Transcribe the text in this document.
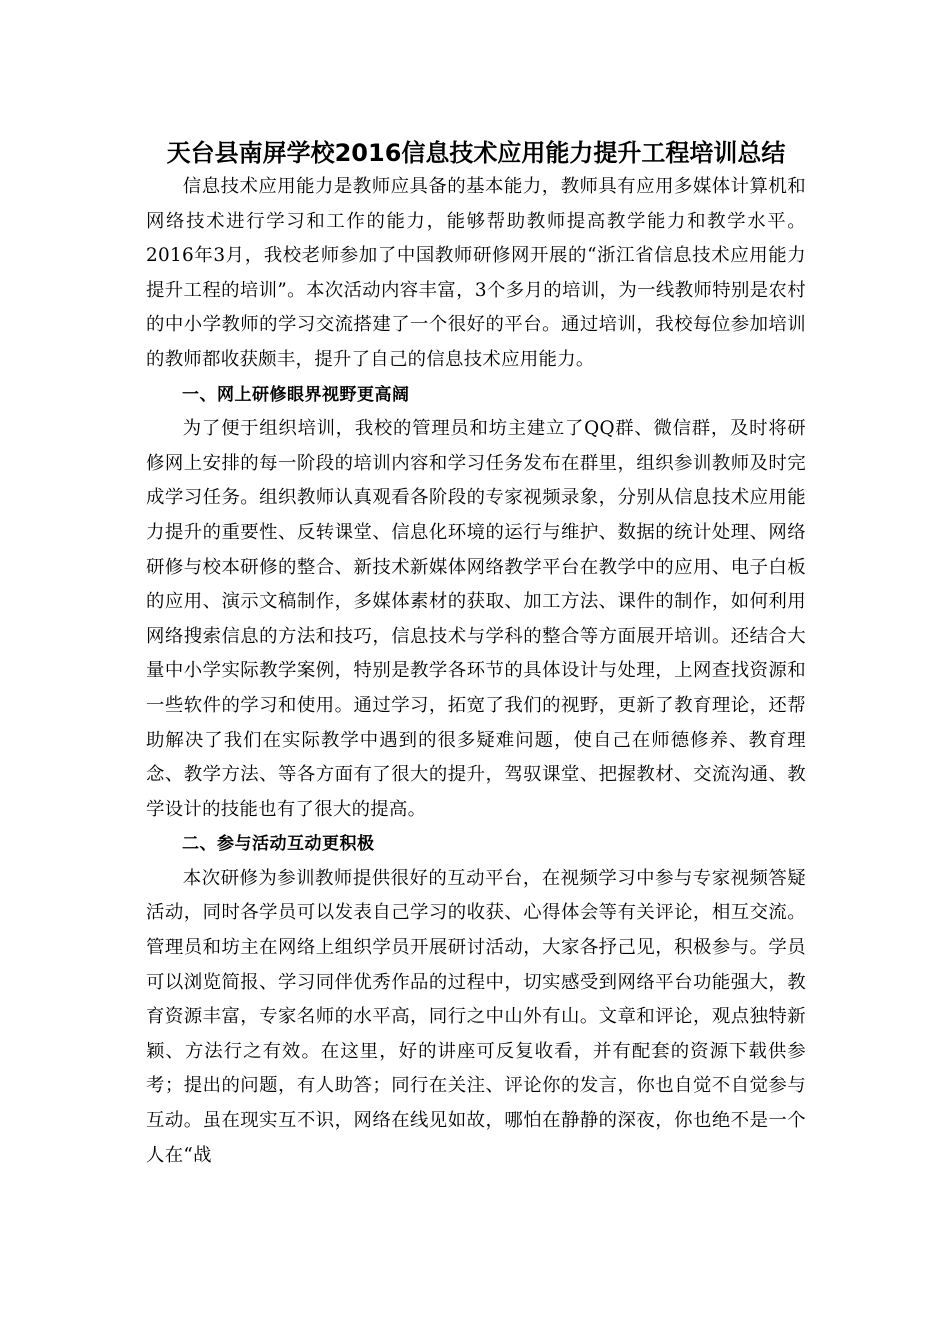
天台县南屏学校2016信息技术应用能力提升工程培训总结

信息技术应用能力是教师应具备的基本能力，教师具有应用多媒体计算机和网络技术进行学习和工作的能力，能够帮助教师提高教学能力和教学水平。2016年3月，我校老师参加了中国教师研修网开展的“浙江省信息技术应用能力提升工程的培训”。本次活动内容丰富，3个多月的培训，为一线教师特别是农村的中小学教师的学习交流搭建了一个很好的平台。通过培训，我校每位参加培训的教师都收获颇丰，提升了自己的信息技术应用能力。

一、网上研修眼界视野更高阔

为了便于组织培训，我校的管理员和坊主建立了QQ群、微信群，及时将研修网上安排的每一阶段的培训内容和学习任务发布在群里，组织参训教师及时完成学习任务。组织教师认真观看各阶段的专家视频录象，分别从信息技术应用能力提升的重要性、反转课堂、信息化环境的运行与维护、数据的统计处理、网络研修与校本研修的整合、新技术新媒体网络教学平台在教学中的应用、电子白板的应用、演示文稿制作，多媒体素材的获取、加工方法、课件的制作，如何利用网络搜索信息的方法和技巧，信息技术与学科的整合等方面展开培训。还结合大量中小学实际教学案例，特别是教学各环节的具体设计与处理，上网查找资源和一些软件的学习和使用。通过学习，拓宽了我们的视野，更新了教育理论，还帮助解决了我们在实际教学中遇到的很多疑难问题，使自己在师德修养、教育理念、教学方法、等各方面有了很大的提升，驾驭课堂、把握教材、交流沟通、教学设计的技能也有了很大的提高。

二、参与活动互动更积极

本次研修为参训教师提供很好的互动平台，在视频学习中参与专家视频答疑活动，同时各学员可以发表自己学习的收获、心得体会等有关评论，相互交流。管理员和坊主在网络上组织学员开展研讨活动，大家各抒己见，积极参与。学员可以浏览简报、学习同伴优秀作品的过程中，切实感受到网络平台功能强大，教育资源丰富，专家名师的水平高，同行之中山外有山。文章和评论，观点独特新颖、方法行之有效。在这里，好的讲座可反复收看，并有配套的资源下载供参考；提出的问题，有人助答；同行在关注、评论你的发言，你也自觉不自觉参与互动。虽在现实互不识，网络在线见如故，哪怕在静静的深夜，你也绝不是一个人在“战
